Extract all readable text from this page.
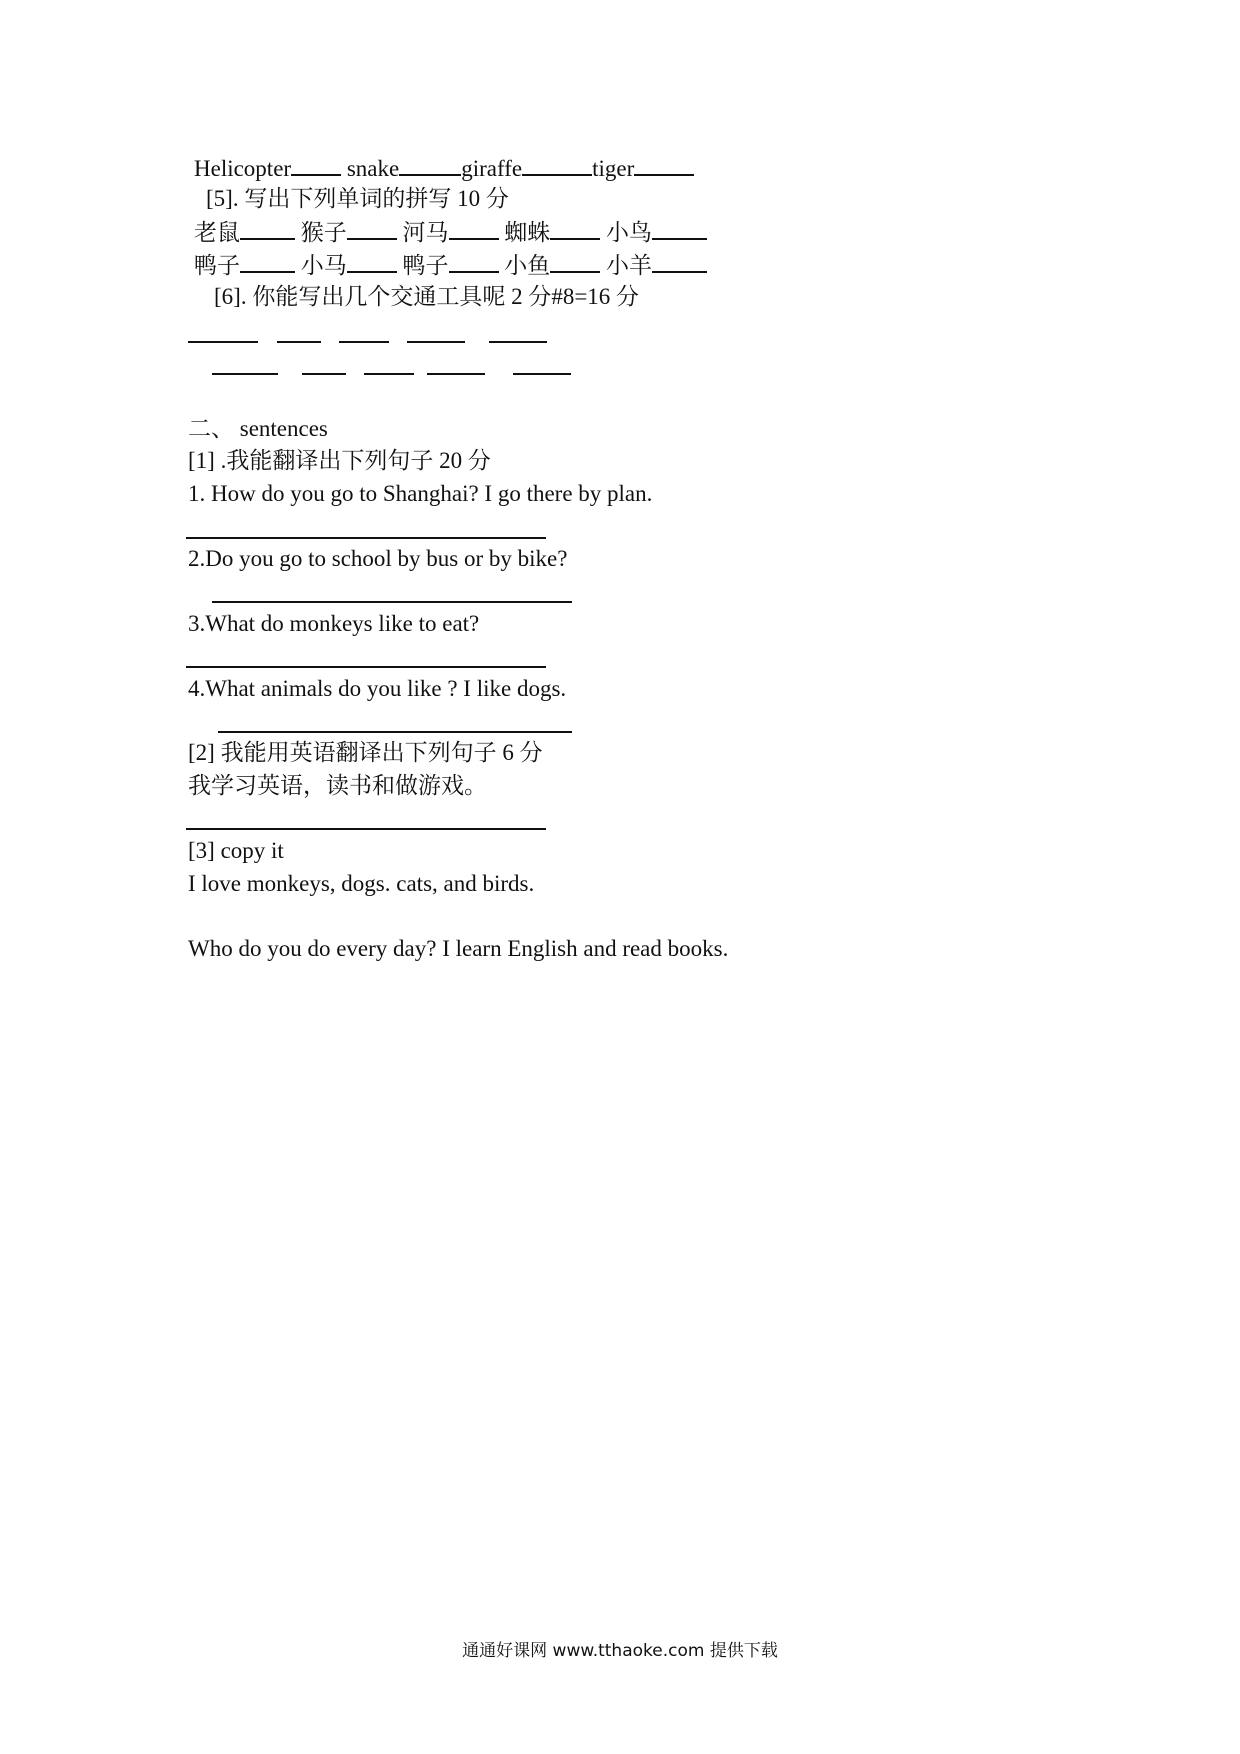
Helicopter snake	giraffe	tiger
[5]. 写出下列单词的拼写 10 分
老鼠	猴子 河马 蜘蛛 小鸟
鸭子	小马 鸭子 小鱼 小羊
[6]. 你能写出几个交通工具呢 2 分#8=16 分
二、 sentences
[1] .我能翻译出下列句子 20 分
1. How do you go to Shanghai? I go there by plan.
2.Do you go to school by bus or by bike?
3.What do monkeys like to eat?
4.What animals do you like ? I like dogs.
[2] 我能用英语翻译出下列句子 6 分
我学习英语，读书和做游戏。
[3] copy it
I love monkeys, dogs. cats, and birds.
Who do you do every day? I learn English and read books.
通通好课网 www.tthaoke.com 提供下载
